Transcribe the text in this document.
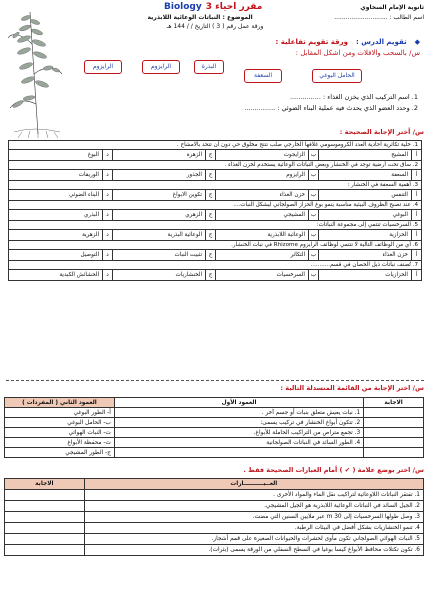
ثانوية الإمام السخاوي
مقرر احياء 3
Biology
اسم الطالب : ............................
الموضوع : النباتات الوعائية اللابذرية
ورقة عمل رقم ( 3 ) التاريخ / / 144 هـ
◆
تقويم الدرس :
ورقة تقويم تفاعلية :
س/ بالسحب والافلات ومن اشكل المقابل :
الحامل البوغي
السعفة
البذرة
الرايزوم
الرايزوم
1. اسم التركيب الذي يخزن الغذاء : ...............
2. وحدد العضو الذي يحدث فيه عملية البناء الضوئي : ...............
س/ أختر الإجابة الصحيحة :
1. خلية تكاثرية احادية العدد الكروموسومي غلافها الخارجي صلب تنتج مخلوق حي دون أن تتحد بالامشاج .
أ
المشيج
ب
الزايجوت
ج
الزهرة
د
البوغ
2. ساق تحت أرضية توجد في الخنشار وبعض النباتات الوعائية يستخدم لخزن الغذاء .
أ
السعفة
ب
الرايزوم
ج
الجذور
د
الوريقات
3. أهمية السعفة في الخنشار :
أ
التنفس
ب
خزن الغذاء
ج
تكوين الابواغ
د
البناء الضوئي
4. عند تصبح الظروف البيئية مناسبة ينمو بوغ الحزاز الصولجاني ليشكل النبات....
أ
البوغي
ب
المشيجي
ج
الزهري
د
البذري
5. السرخسيات تنتمي إلى مجموعة النباتات:
أ
الحزازية
ب
الوعائية اللابذرية
ج
الوعائية البذرية
د
الزهرية
6. أي من الوظائف التالية لا تنتمي لوظائف الرايزوم Rhizome في نبات الخنشار.
أ
خزن الغذاء
ب
التكاثر
ج
تثبيت النبات
د
التوصيل
7. تُصنف نباتات ذيل الحصان في قسم...........
أ
الحزازيات
ب
السرخسيات
ج
الخنشاريات
د
الحشائش الكبدية
س/ اختر الإجابة من القائمة المنسدلة التالية :
الاجابة	العمود الأول	العمود الثاني ( المفردات )
	1. نبات يعيش متعلق بنبات أو جسم آخر .	أ- الطور البوغي
	2. تتكون أبواغ الخنشار في تركيب يسمى:	ب- الحامل البوغي
	3. تجمع متراص من التراكيب الحاملة للأبواغ.	ت- النبات الهوائي
	4. الطور السائد في النباتات الصولجانية	ث- محفظة الأبواغ
		ج- الطور المشيجي
س/ اختر بوضع علامة ( ✔ ) أمام العبارات الصحيحة فقط .
العــبــــــــــارات	الاجابة
1. تفتقر النباتات اللاوعائية لتراكيب نقل الماء والمواد الأخرى .	
2. الجيل السائد في النباتات الوعائية اللابذرية هو الجيل المشيجي.	
3. وصل طولها السرخسيات إلى 30 m عبر ملايين السنين التي مضت.	
4. تنمو الخنشاريات بشكل أفضل في البيئات الرطبة.	
5. النبات الهوائي الصولجاني تكون مأوى لحشرات والحيوانات الصغيرة على قمم أشجار.	
6. تكون تكتلات محافظ الأبواغ كيسا بوغيا في السطح السفلي من الورقة يسمى (بثرات).	
